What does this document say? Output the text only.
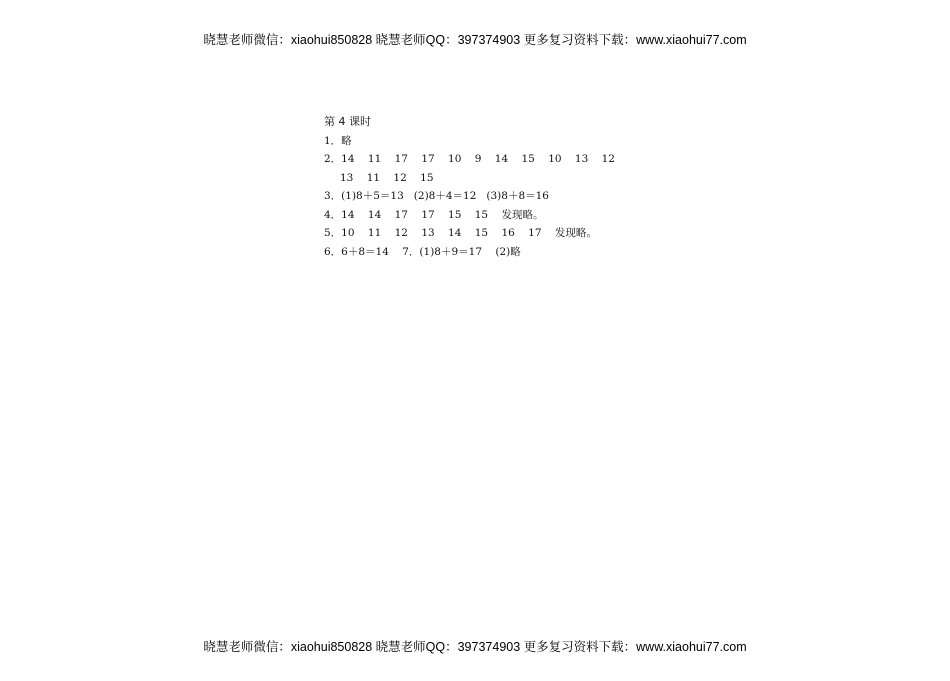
晓慧老师微信：xiaohui850828 晓慧老师QQ：397374903 更多复习资料下载：www.xiaohui77.com
第 4 课时
1．略
2．14    11    17    17    10    9    14    15    10    13    12
13    11    12    15
3．(1)8＋5＝13   (2)8＋4＝12   (3)8＋8＝16
4．14    14    17    17    15    15    发现略。
5．10    11    12    13    14    15    16    17    发现略。
6．6＋8＝14    7．(1)8＋9＝17    (2)略
晓慧老师微信：xiaohui850828 晓慧老师QQ：397374903 更多复习资料下载：www.xiaohui77.com
